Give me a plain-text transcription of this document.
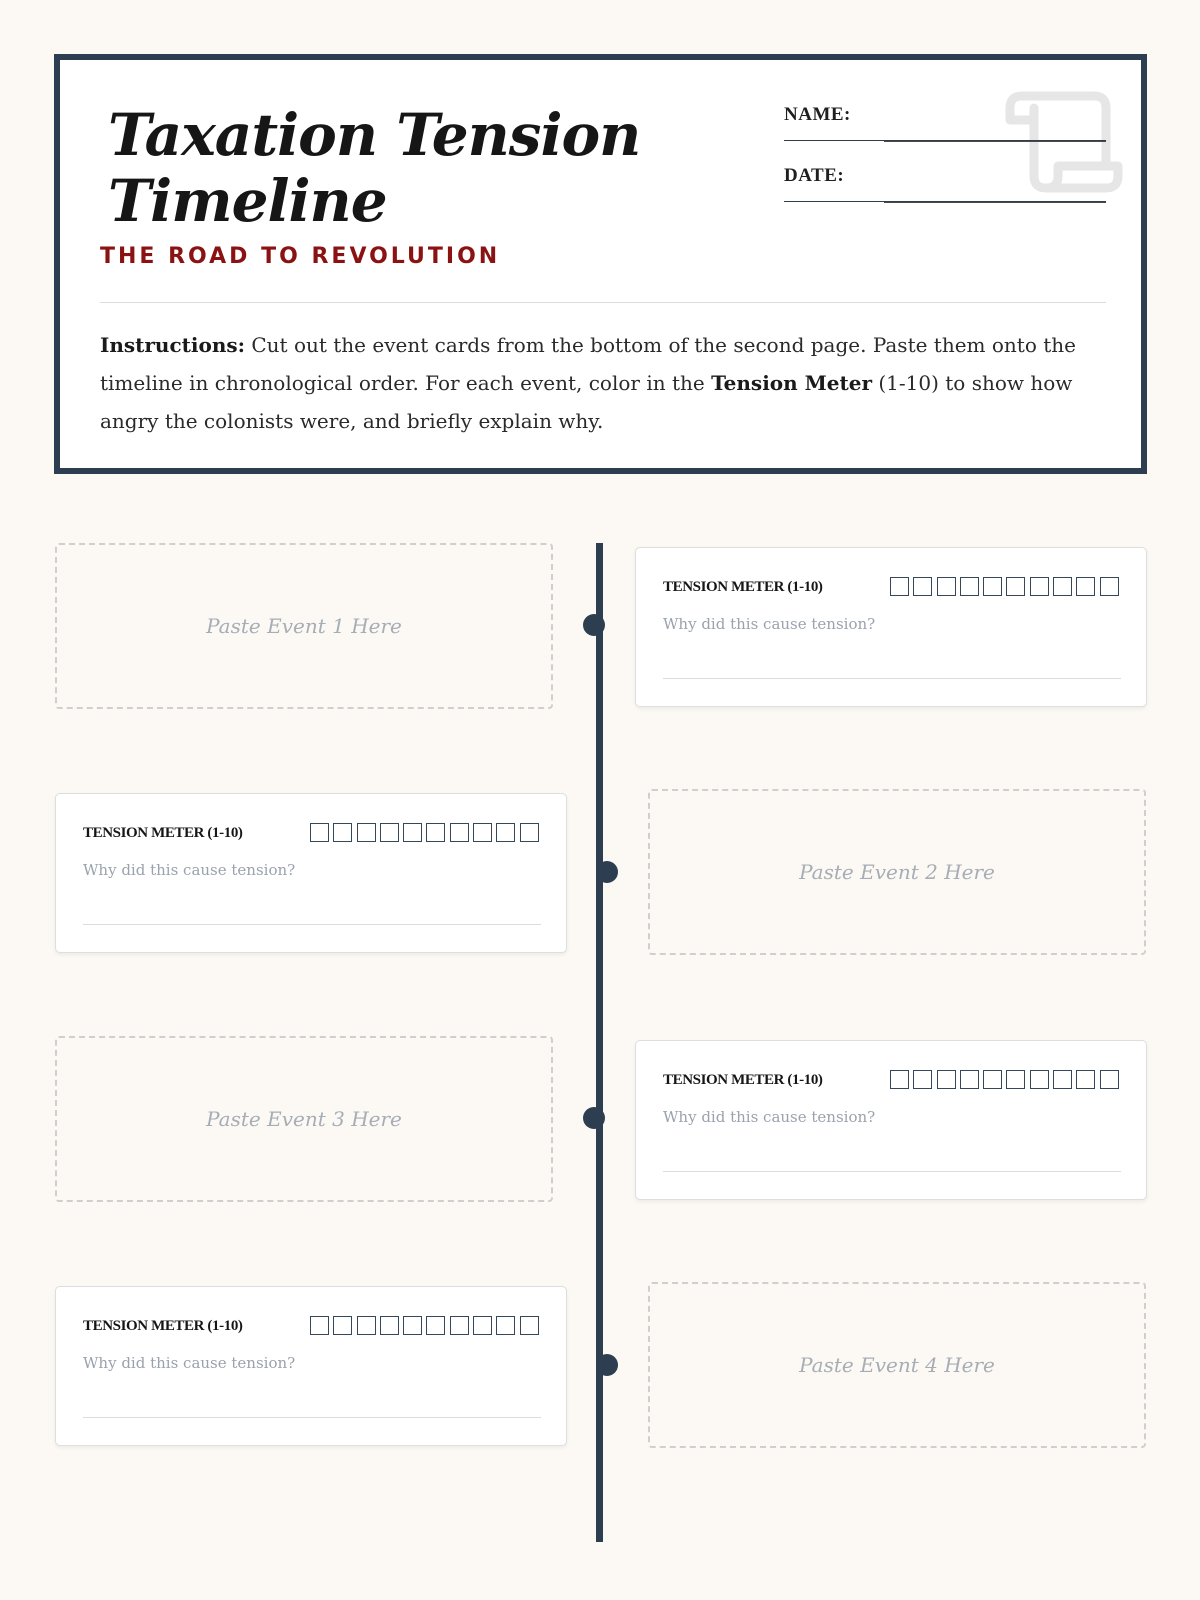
Taxation Tension Timeline
THE ROAD TO REVOLUTION
NAME:
DATE:

Instructions: Cut out the event cards from the bottom of the second page. Paste them onto the timeline in chronological order. For each event, color in the Tension Meter (1-10) to show how angry the colonists were, and briefly explain why.

Paste Event 1 Here
TENSION METER (1-10)
Why did this cause tension?
TENSION METER (1-10)
Why did this cause tension?	Paste Event 2 Here
Paste Event 3 Here
TENSION METER (1-10)
Why did this cause tension?
TENSION METER (1-10)
Why did this cause tension?	Paste Event 4 Here
